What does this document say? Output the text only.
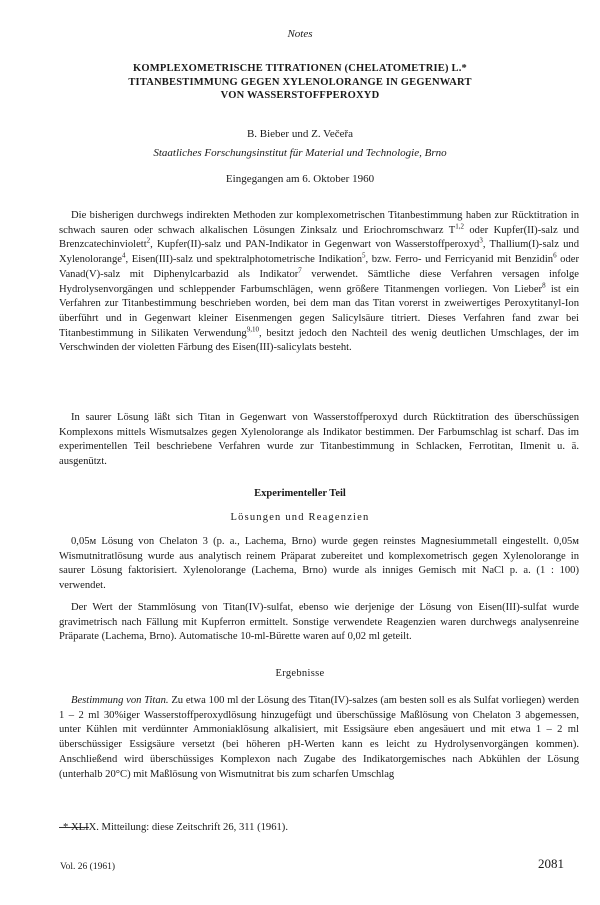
Notes
KOMPLEXOMETRISCHE TITRATIONEN (CHELATOMETRIE) L.*
TITANBESTIMMUNG GEGEN XYLENOLORANGE IN GEGENWART
VON WASSERSTOFFPEROXYD
B. Bieber und Z. Večeřa
Staatliches Forschungsinstitut für Material und Technologie, Brno
Eingegangen am 6. Oktober 1960

Die bisherigen durchwegs indirekten Methoden zur komplexometrischen Titanbestimmung haben zur Rücktitration in schwach sauren oder schwach alkalischen Lösungen Zinksalz und Eriochromschwarz T$^{1,2}$ oder Kupfer(II)-salz und Brenzcatechinviolett$^2$, Kupfer(II)-salz und PAN-Indikator in Gegenwart von Wasserstoffperoxyd$^3$, Thallium(I)-salz und Xylenolorange$^4$, Eisen(III)-salz und spektralphotometrische Indikation$^5$, bzw. Ferro- und Ferricyanid mit Benzidin$^6$ oder Vanad(V)-salz mit Diphenylcarbazid als Indikator$^7$ verwendet. Sämtliche diese Verfahren versagen infolge Hydrolysenvorgängen und schleppender Farbumschlägen, wenn größere Titanmengen vorliegen. Von Lieber$^8$ ist ein Verfahren zur Titanbestimmung beschrieben worden, bei dem man das Titan vorerst in zweiwertiges Peroxytitanyl-Ion überführt und in Gegenwart kleiner Eisenmengen gegen Salicylsäure titriert. Dieses Verfahren fand zwar bei Titanbestimmung in Silikaten Verwendung$^{9,10}$, besitzt jedoch den Nachteil des wenig deutlichen Umschlages, der im Verschwinden der violetten Färbung des Eisen(III)-salicylats besteht.

In saurer Lösung läßt sich Titan in Gegenwart von Wasserstoffperoxyd durch Rücktitration des überschüssigen Komplexons mittels Wismutsalzes gegen Xylenolorange als Indikator bestimmen. Der Farbumschlag ist scharf. Das im experimentellen Teil beschriebene Verfahren wurde zur Titanbestimmung in Schlacken, Ferrotitan, Ilmenit u. ä. ausgenützt.

Experimenteller Teil
Lösungen und Reagenzien

0,05м Lösung von Chelaton 3 (p. a., Lachema, Brno) wurde gegen reinstes Magnesiummetall eingestellt. 0,05м Wismutnitratlösung wurde aus analytisch reinem Präparat zubereitet und komplexometrisch gegen Xylenolorange in saurer Lösung faktorisiert. Xylenolorange (Lachema, Brno) wurde als inniges Gemisch mit NaCl p. a. (1 : 100) verwendet.

Der Wert der Stammlösung von Titan(IV)-sulfat, ebenso wie derjenige der Lösung von Eisen(III)-sulfat wurde gravimetrisch nach Fällung mit Kupferron ermittelt. Sonstige verwendete Reagenzien waren durchwegs analysenreine Präparate (Lachema, Brno). Automatische 10-ml-Bürette waren auf 0,02 ml geteilt.

Ergebnisse

Bestimmung von Titan. Zu etwa 100 ml der Lösung des Titan(IV)-salzes (am besten soll es als Sulfat vorliegen) werden 1 – 2 ml 30%iger Wasserstoffperoxydlösung hinzugefügt und überschüssige Maßlösung von Chelaton 3 abgemessen, unter Kühlen mit verdünnter Ammoniaklösung alkalisiert, mit Essigsäure eben angesäuert und mit etwa 1 – 2 ml überschüssiger Essigsäure versetzt (bei höheren pH-Werten kann es leicht zu Hydrolysenvorgängen kommen). Anschließend wird überschüssiges Komplexon nach Zugabe des Indikatorgemisches nach Abkühlen der Lösung (unterhalb 20°C) mit Maßlösung von Wismutnitrat bis zum scharfen Umschlag

* XLIX. Mitteilung: diese Zeitschrift 26, 311 (1961).
Vol. 26 (1961)	2081
